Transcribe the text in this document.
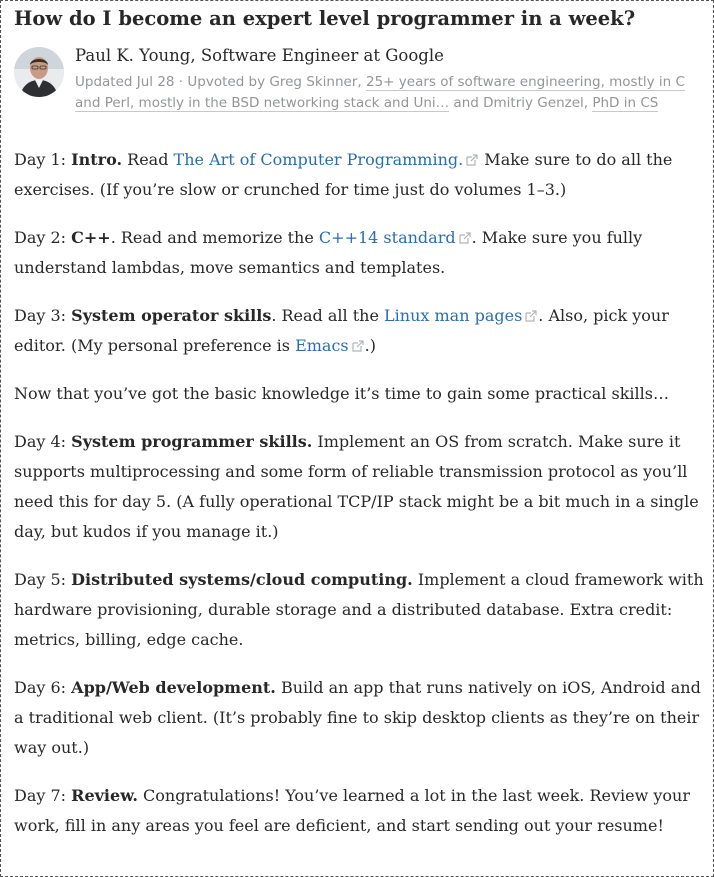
How do I become an expert level programmer in a week?
Paul K. Young, Software Engineer at Google
Updated Jul 28 · Upvoted by Greg Skinner, 25+ years of software engineering, mostly in C and Perl, mostly in the BSD networking stack and Uni… and Dmitriy Genzel, PhD in CS

Day 1: Intro. Read The Art of Computer Programming. Make sure to do all the exercises. (If you’re slow or crunched for time just do volumes 1–3.)

Day 2: C++. Read and memorize the C++14 standard . Make sure you fully understand lambdas, move semantics and templates.

Day 3: System operator skills. Read all the Linux man pages . Also, pick your editor. (My personal preference is Emacs .)

Now that you’ve got the basic knowledge it’s time to gain some practical skills…

Day 4: System programmer skills. Implement an OS from scratch. Make sure it supports multiprocessing and some form of reliable transmission protocol as you’ll need this for day 5. (A fully operational TCP/IP stack might be a bit much in a single day, but kudos if you manage it.)

Day 5: Distributed systems/cloud computing. Implement a cloud framework with hardware provisioning, durable storage and a distributed database. Extra credit: metrics, billing, edge cache.

Day 6: App/Web development. Build an app that runs natively on iOS, Android and a traditional web client. (It’s probably fine to skip desktop clients as they’re on their way out.)

Day 7: Review. Congratulations! You’ve learned a lot in the last week. Review your work, fill in any areas you feel are deficient, and start sending out your resume!
